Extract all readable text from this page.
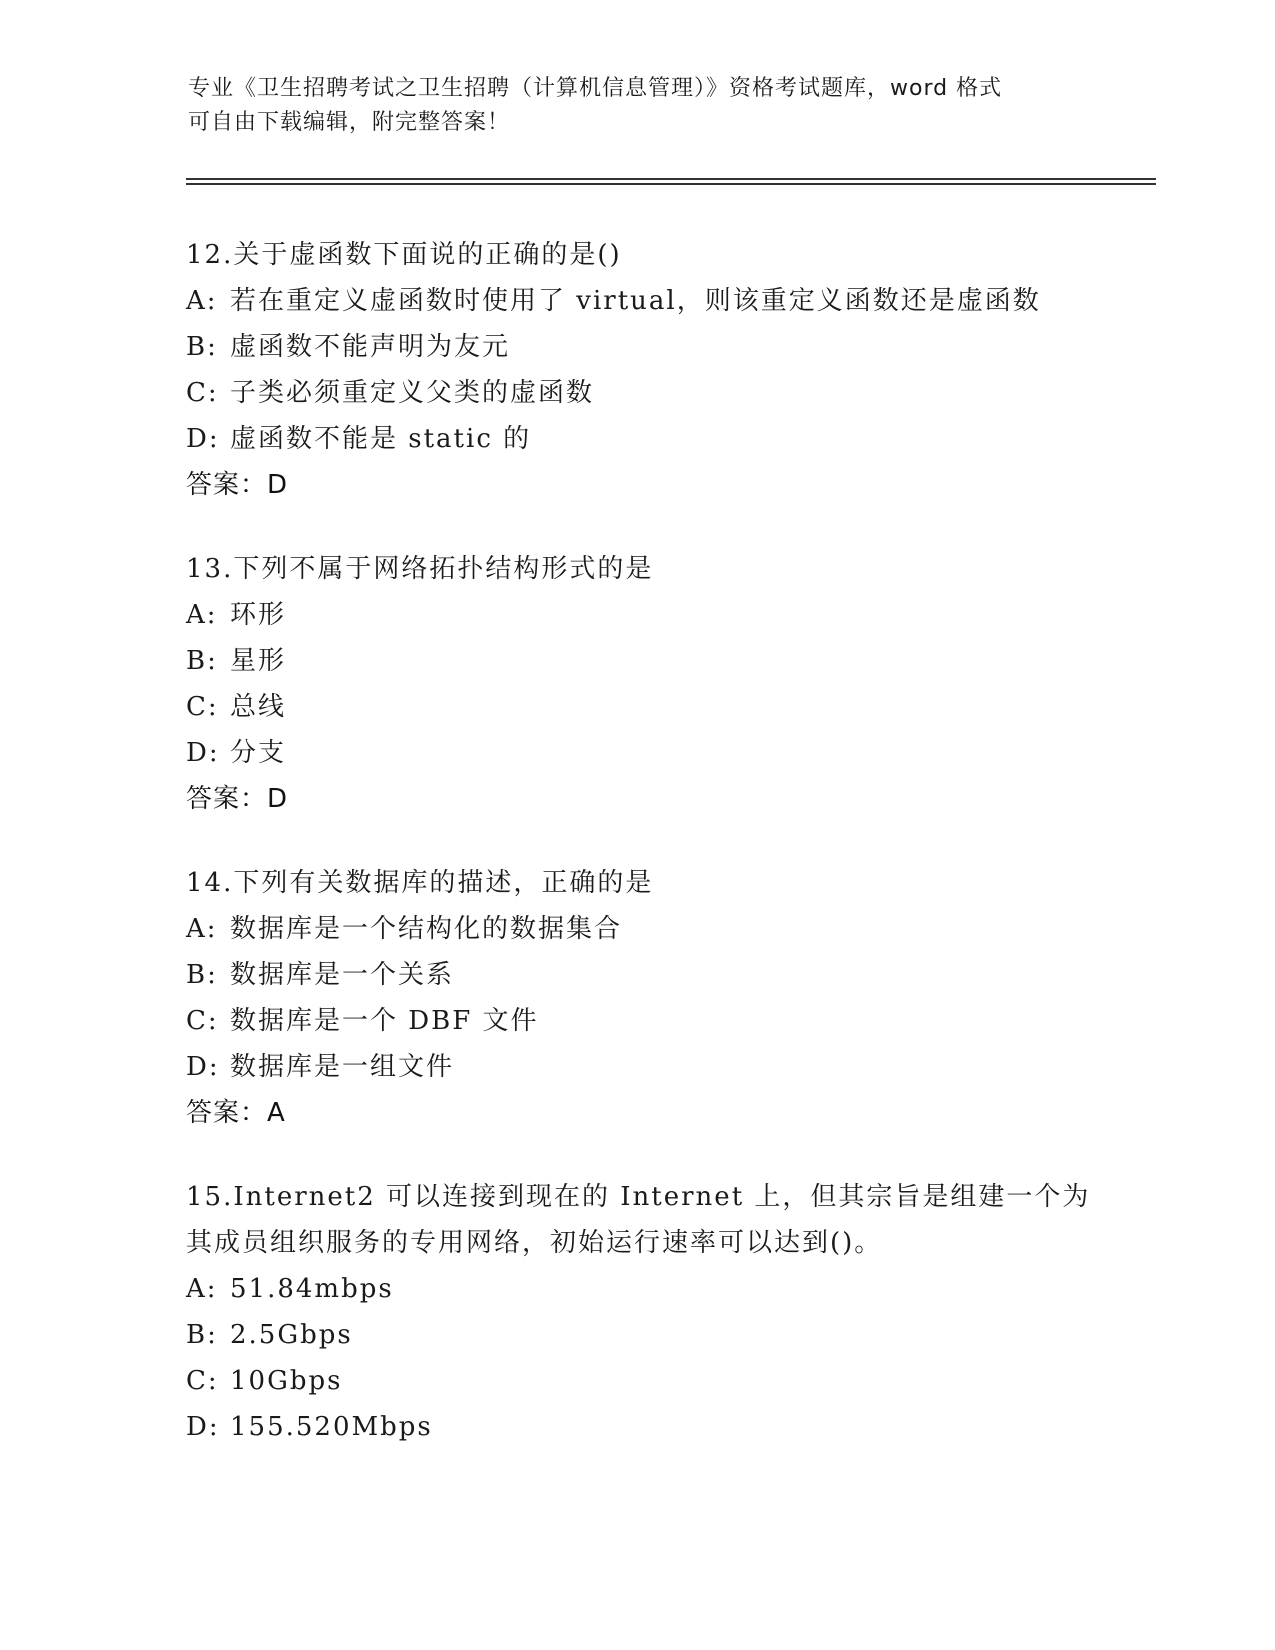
专业《卫生招聘考试之卫生招聘（计算机信息管理）》资格考试题库，word 格式
可自由下载编辑，附完整答案！
12.关于虚函数下面说的正确的是()
A: 若在重定义虚函数时使用了 virtual，则该重定义函数还是虚函数
B: 虚函数不能声明为友元
C: 子类必须重定义父类的虚函数
D: 虚函数不能是 static 的
答案：D
13.下列不属于网络拓扑结构形式的是
A: 环形
B: 星形
C: 总线
D: 分支
答案：D
14.下列有关数据库的描述，正确的是
A: 数据库是一个结构化的数据集合
B: 数据库是一个关系
C: 数据库是一个 DBF 文件
D: 数据库是一组文件
答案：A
15.Internet2 可以连接到现在的 Internet 上，但其宗旨是组建一个为
其成员组织服务的专用网络，初始运行速率可以达到()。
A: 51.84mbps
B: 2.5Gbps
C: 10Gbps
D: 155.520Mbps
